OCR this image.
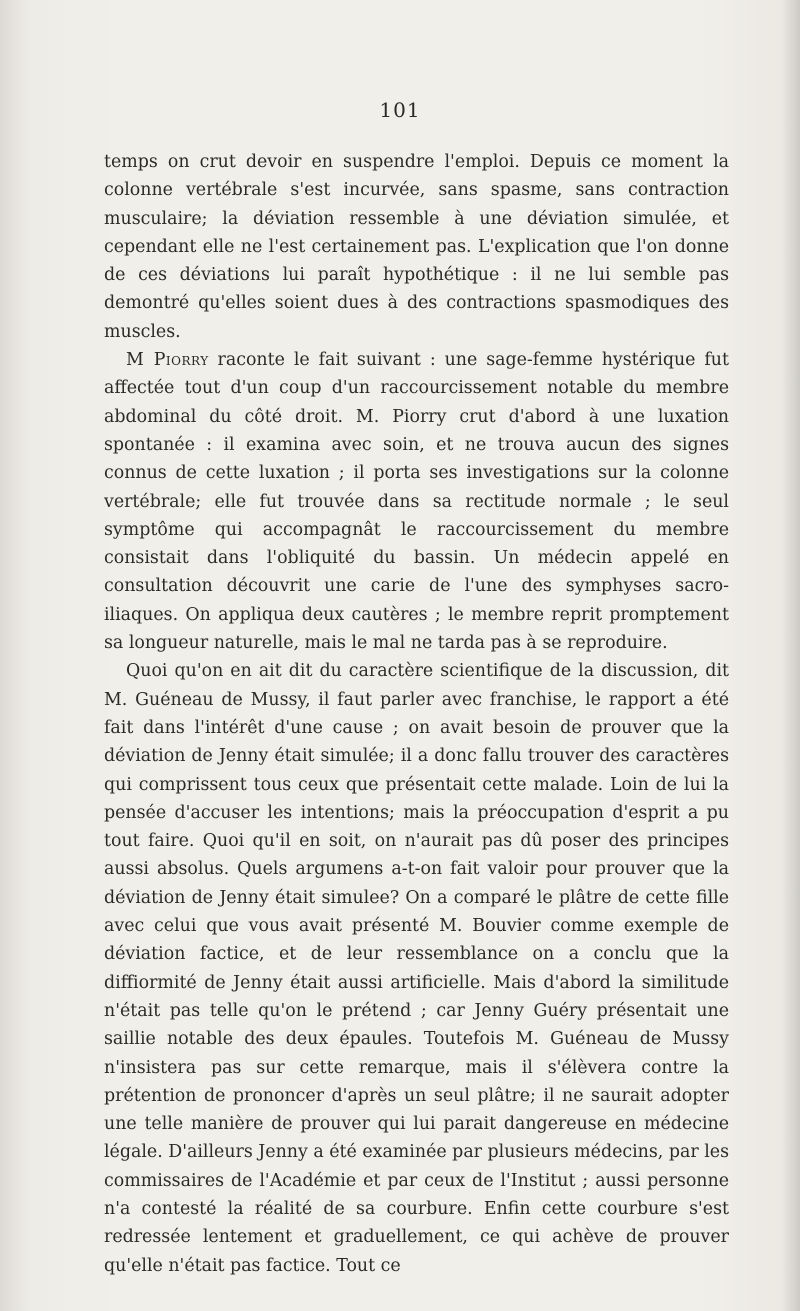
101

temps on crut devoir en suspendre l'emploi. Depuis ce moment la colonne vertébrale s'est incurvée, sans spasme, sans contraction musculaire; la déviation ressemble à une déviation simulée, et cependant elle ne l'est certainement pas. L'explication que l'on donne de ces déviations lui paraît hypothétique : il ne lui semble pas demontré qu'elles soient dues à des contractions spasmodiques des muscles.

M Piorry raconte le fait suivant : une sage-femme hystérique fut affectée tout d'un coup d'un raccourcissement notable du membre abdominal du côté droit. M. Piorry crut d'abord à une luxation spontanée : il examina avec soin, et ne trouva aucun des signes connus de cette luxation ; il porta ses investigations sur la colonne vertébrale; elle fut trouvée dans sa rectitude normale ; le seul symptôme qui accompagnât le raccourcissement du membre consistait dans l'obliquité du bassin. Un médecin appelé en consultation découvrit une carie de l'une des symphyses sacro-iliaques. On appliqua deux cautères ; le membre reprit promptement sa longueur naturelle, mais le mal ne tarda pas à se reproduire.

Quoi qu'on en ait dit du caractère scientifique de la discussion, dit M. Guéneau de Mussy, il faut parler avec franchise, le rapport a été fait dans l'intérêt d'une cause ; on avait besoin de prouver que la déviation de Jenny était simulée; il a donc fallu trouver des caractères qui comprissent tous ceux que présentait cette malade. Loin de lui la pensée d'accuser les intentions; mais la préoccupation d'esprit a pu tout faire. Quoi qu'il en soit, on n'aurait pas dû poser des principes aussi absolus. Quels argumens a-t-on fait valoir pour prouver que la déviation de Jenny était simulee? On a comparé le plâtre de cette fille avec celui que vous avait présenté M. Bouvier comme exemple de déviation factice, et de leur ressemblance on a conclu que la diffiormité de Jenny était aussi artificielle. Mais d'abord la similitude n'était pas telle qu'on le prétend ; car Jenny Guéry présentait une saillie notable des deux épaules. Toutefois M. Guéneau de Mussy n'insistera pas sur cette remarque, mais il s'élèvera contre la prétention de prononcer d'après un seul plâtre; il ne saurait adopter une telle manière de prouver qui lui parait dangereuse en médecine légale. D'ailleurs Jenny a été examinée par plusieurs médecins, par les commissaires de l'Académie et par ceux de l'Institut ; aussi personne n'a contesté la réalité de sa courbure. Enfin cette courbure s'est redressée lentement et graduellement, ce qui achève de prouver qu'elle n'était pas factice. Tout ce
